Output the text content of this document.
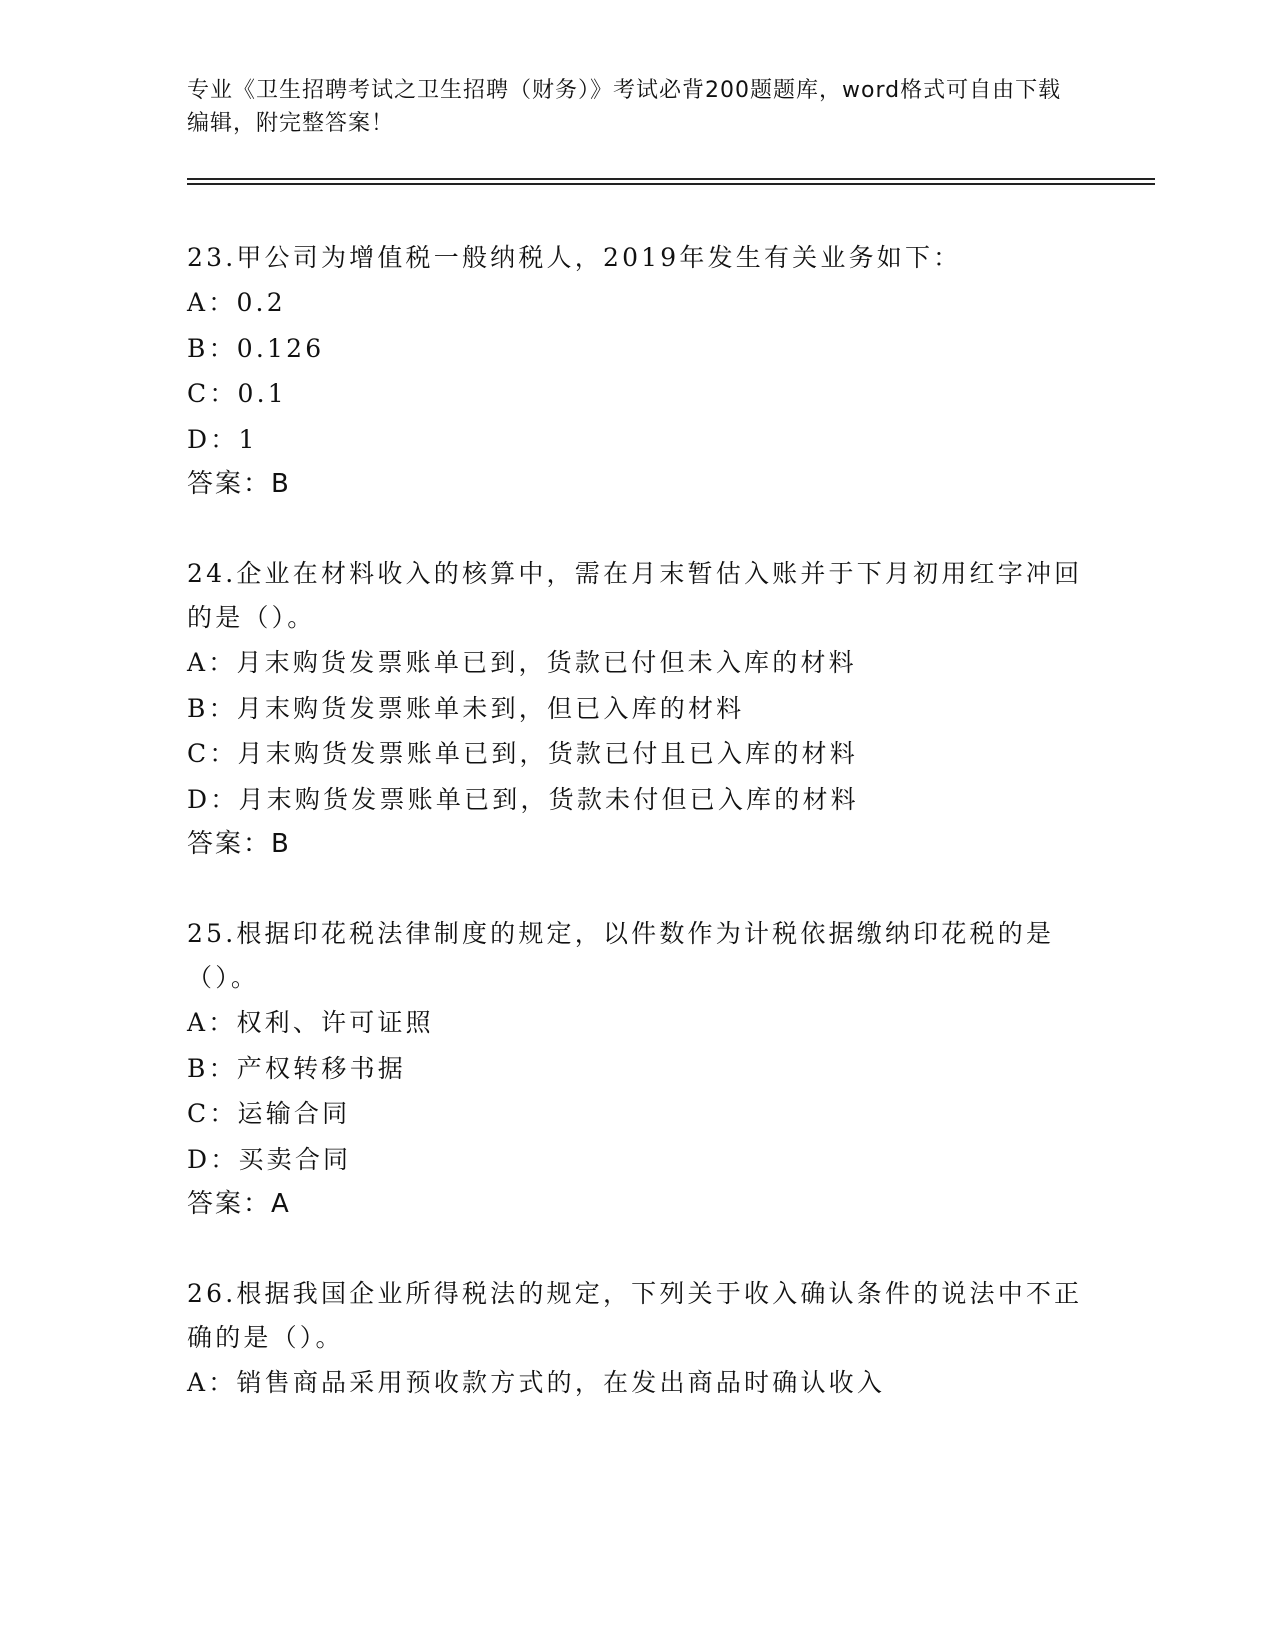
专业《卫生招聘考试之卫生招聘（财务）》考试必背200题题库，word格式可自由下载编辑，附完整答案！

23.甲公司为增值税一般纳税人，2019年发生有关业务如下：

A：0.2

B：0.126

C：0.1

D：1

答案：B

24.企业在材料收入的核算中，需在月末暂估入账并于下月初用红字冲回的是（）。

A：月末购货发票账单已到，货款已付但未入库的材料

B：月末购货发票账单未到，但已入库的材料

C：月末购货发票账单已到，货款已付且已入库的材料

D：月末购货发票账单已到，货款未付但已入库的材料

答案：B

25.根据印花税法律制度的规定，以件数作为计税依据缴纳印花税的是（）。

A：权利、许可证照

B：产权转移书据

C：运输合同

D：买卖合同

答案：A

26.根据我国企业所得税法的规定，下列关于收入确认条件的说法中不正确的是（）。

A：销售商品采用预收款方式的，在发出商品时确认收入
